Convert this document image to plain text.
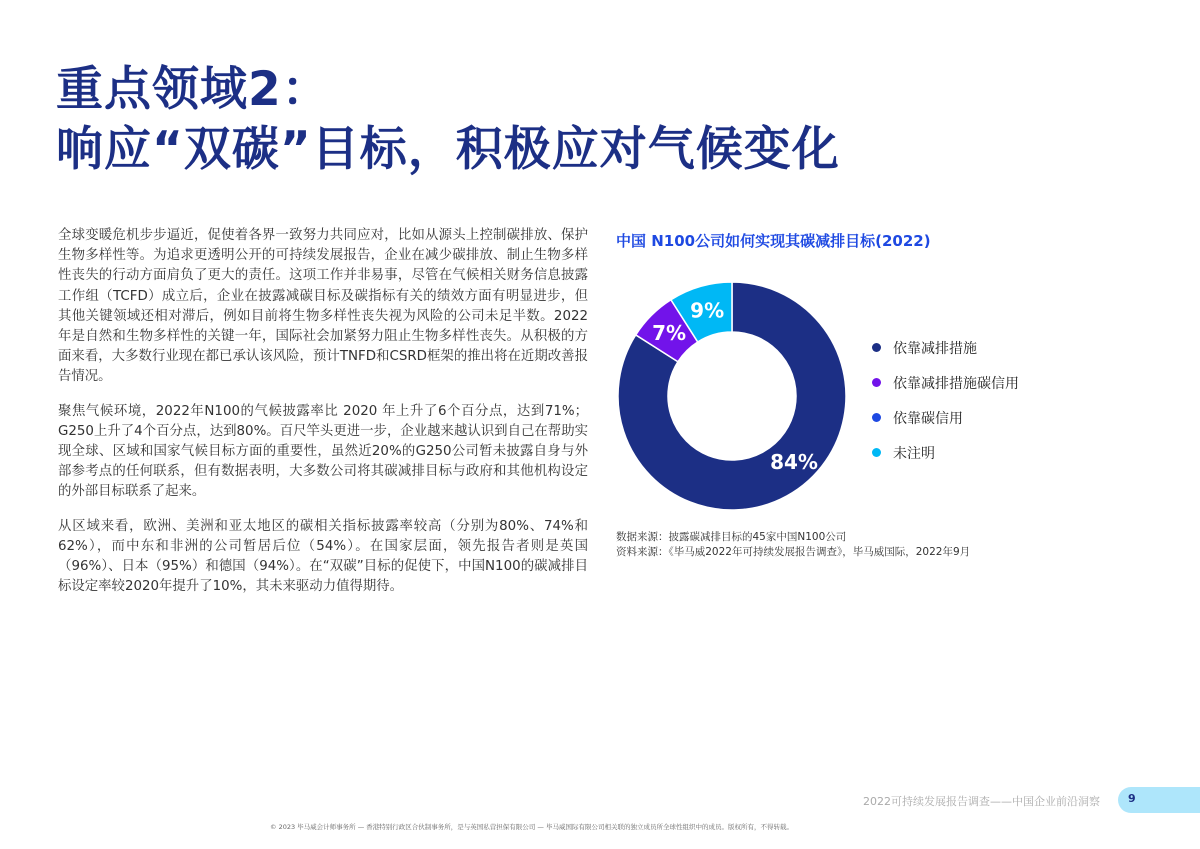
重点领域2：
响应“双碳”目标，积极应对气候变化

全球变暖危机步步逼近，促使着各界一致努力共同应对，比如从源头上控制碳排放、保护生物多样性等。为追求更透明公开的可持续发展报告，企业在减少碳排放、制止生物多样性丧失的行动方面肩负了更大的责任。这项工作并非易事，尽管在气候相关财务信息披露工作组（TCFD）成立后，企业在披露减碳目标及碳指标有关的绩效方面有明显进步，但其他关键领域还相对滞后，例如目前将生物多样性丧失视为风险的公司未足半数。2022 年是自然和生物多样性的关键一年，国际社会加紧努力阻止生物多样性丧失。从积极的方面来看，大多数行业现在都已承认该风险，预计TNFD和CSRD框架的推出将在近期改善报告情况。

聚焦气候环境，2022年N100的气候披露率比 2020 年上升了6个百分点，达到71%；G250上升了4个百分点，达到80%。百尺竿头更进一步，企业越来越认识到自己在帮助实现全球、区域和国家气候目标方面的重要性，虽然近20%的G250公司暂未披露自身与外部参考点的任何联系，但有数据表明，大多数公司将其碳减排目标与政府和其他机构设定的外部目标联系了起来。

从区域来看，欧洲、美洲和亚太地区的碳相关指标披露率较高（分别为80%、74%和62%），而中东和非洲的公司暂居后位（54%）。在国家层面，领先报告者则是英国（96%）、日本（95%）和德国（94%）。在“双碳”目标的促使下，中国N100的碳减排目标设定率较2020年提升了10%，其未来驱动力值得期待。

中国 N100公司如何实现其碳减排目标(2022)
84%
7%
9%
依靠减排措施
依靠减排措施碳信用
依靠碳信用
未注明
数据来源：披露碳减排目标的45家中国N100公司
资料来源：《毕马威2022年可持续发展报告调查》，毕马威国际，2022年9月
2022可持续发展报告调查——中国企业前沿洞察	9
© 2023 毕马威会计师事务所 — 香港特别行政区合伙制事务所，是与英国私营担保有限公司 — 毕马威国际有限公司相关联的独立成员所全球性组织中的成员。版权所有，不得转载。
